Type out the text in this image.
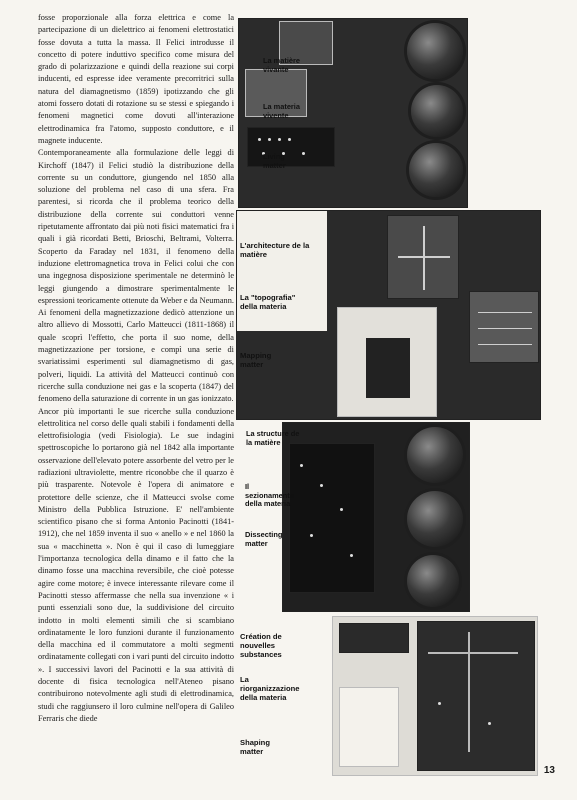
fosse proporzionale alla forza elettrica e come la partecipazione di un dielettrico ai fenomeni elettrostatici fosse dovuta a tutta la massa. Il Felici introdusse il concetto di potere induttivo specifico come misura del grado di polarizzazione e quindi della reazione sui corpi inducenti, ed espresse idee veramente precorritrici sulla natura del diamagnetismo (1859) ipotizzando che gli atomi fossero dotati di rotazione su se stessi e spiegando i fenomeni magnetici come dovuti all'interazione elettrodinamica fra l'atomo, supposto conduttore, e il magnete inducente.

Contemporaneamente alla formulazione delle leggi di Kirchoff (1847) il Felici studiò la distribuzione della corrente su un conduttore, giungendo nel 1850 alla soluzione del problema nel caso di una sfera. Fra parentesi, si ricorda che il problema teorico della distribuzione della corrente sui conduttori venne ripetutamente affrontato dai più noti fisici matematici fra i quali i già ricordati Betti, Brioschi, Beltrami, Volterra. Scoperto da Faraday nel 1831, il fenomeno della induzione elettromagnetica trova in Felici colui che con una ingegnosa disposizione sperimentale ne determinò le leggi giungendo a dimostrare sperimentalmente le espressioni teoricamente ottenute da Weber e da Neumann.

Ai fenomeni della magnetizzazione dedicò attenzione un altro allievo di Mossotti, Carlo Matteucci (1811-1868) il quale scoprì l'effetto, che porta il suo nome, della magnetizzazione per torsione, e compì una serie di svariatissimi esperimenti sul diamagnetismo di gas, polveri, liquidi. La attività del Matteucci continuò con ricerche sulla conduzione nei gas e la scoperta (1847) del fenomeno della saturazione di corrente in un gas ionizzato.

Ancor più importanti le sue ricerche sulla conduzione elettrolitica nel corso delle quali stabilì i fondamenti della elettrofisiologia (vedi Fisiologia). Le sue indagini spettroscopiche lo portarono già nel 1842 alla importante osservazione dell'elevato potere assorbente del vetro per le radiazioni ultraviolette, mentre riconobbe che il quarzo è più trasparente. Notevole è l'opera di animatore e protettore delle scienze, che il Matteucci svolse come Ministro della Pubblica Istruzione. E' nell'ambiente scientifico pisano che si forma Antonio Pacinotti (1841-1912), che nel 1859 inventa il suo « anello » e nel 1860 la sua « macchinetta ». Non è qui il caso di lumeggiare l'importanza tecnologica della dinamo e il fatto che la dinamo fosse una macchina reversibile, che cioè potesse agire come motore; è invece interessante rilevare come il Pacinotti stesso affermasse che nella sua invenzione « i punti essenziali sono due, la suddivisione del circuito indotto in molti elementi simili che si scambiano ordinatamente le loro funzioni durante il funzionamento della macchina ed il commutatore a molti segmenti ordinatamente collegati con i vari punti del circuito indotto ». I successivi lavori del Pacinotti e la sua attività di docente di fisica tecnologica nell'Ateneo pisano contribuirono notevolmente agli studi di elettrodinamica, studi che raggiunsero il loro culmine nell'opera di Galileo Ferraris che diede

La matière vivante
La materia vivente
Living matter
La structure de la matière
Il sezionamento della materia
Dissecting matter
L'architecture de la matière
La "topografia" della materia
Mapping matter
Création de nouvelles substances
La riorganizzazione della materia
Shaping matter
13
